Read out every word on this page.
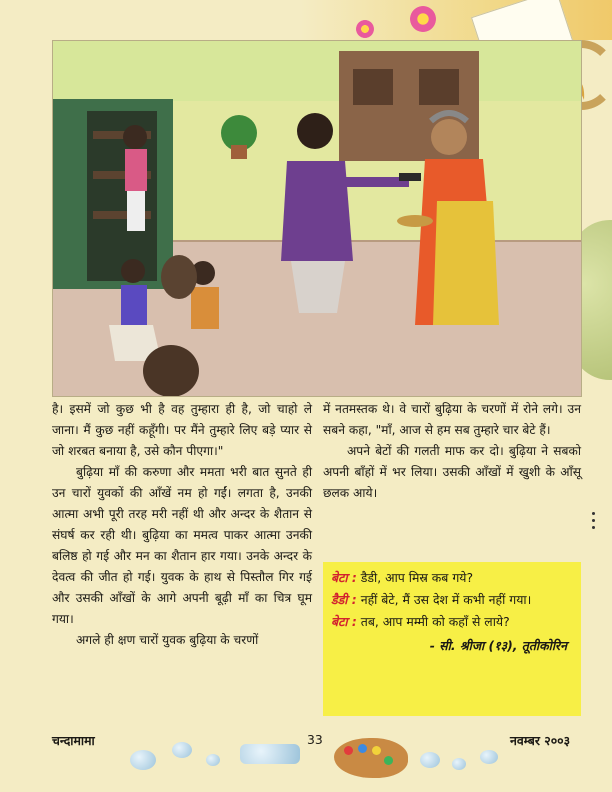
है। इसमें जो कुछ भी है वह तुम्हारा ही है, जो चाहो ले जाना। मैं कुछ नहीं कहूँगी। पर मैंने तुम्हारे लिए बड़े प्यार से जो शरबत बनाया है, उसे कौन पीएगा।"

बुढ़िया माँ की करुणा और ममता भरी बात सुनते ही उन चारों युवकों की आँखें नम हो गईं। लगता है, उनकी आत्मा अभी पूरी तरह मरी नहीं थी और अन्दर के शैतान से संघर्ष कर रही थी। बुढ़िया का ममत्व पाकर आत्मा उनकी बलिष्ठ हो गई और मन का शैतान हार गया। उनके अन्दर के देवत्व की जीत हो गई। युवक के हाथ से पिस्तौल गिर गई और उसकी आँखों के आगे अपनी बूढ़ी माँ का चित्र घूम गया।

अगले ही क्षण चारों युवक बुढ़िया के चरणों

में नतमस्तक थे। वे चारों बुढ़िया के चरणों में रोने लगे। उन सबने कहा, "माँ, आज से हम सब तुम्हारे चार बेटे हैं।

अपने बेटों की गलती माफ कर दो। बुढ़िया ने सबको अपनी बाँहों में भर लिया। उसकी आँखों में खुशी के आँसू छलक आये।

बेटा : डैडी, आप मिस्र कब गये?
डैडी : नहीं बेटे, मैं उस देश में कभी नहीं गया।
बेटा : तब, आप मम्मी को कहाँ से लाये?
- सी. श्रीजा (१३), तूतीकोरिन
चन्दामामा	33	नवम्बर २००३
